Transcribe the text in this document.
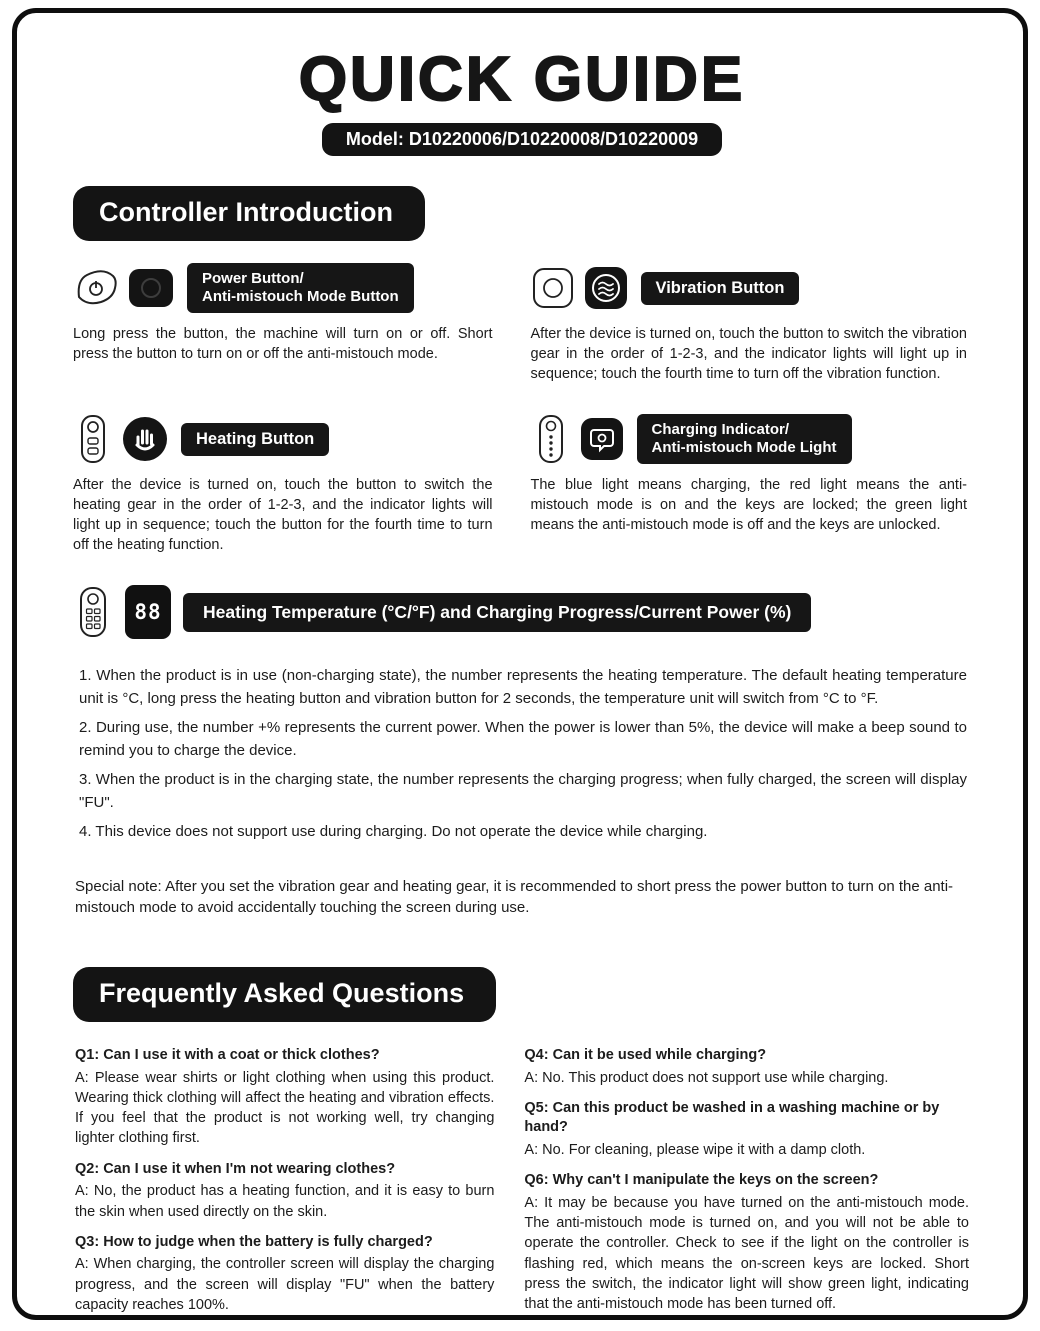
QUICK GUIDE
Model: D10220006/D10220008/D10220009
Controller Introduction
Power Button/
Anti-mistouch Mode Button

Long press the button, the machine will turn on or off. Short press the button to turn on or off the anti-mistouch mode.

Vibration Button

After the device is turned on, touch the button to switch the vibration gear in the order of 1-2-3, and the indicator lights will light up in sequence; touch the fourth time to turn off the vibration function.

Heating Button

After the device is turned on, touch the button to switch the heating gear in the order of 1-2-3, and the indicator lights will light up in sequence; touch the button for the fourth time to turn off the heating function.

Charging Indicator/
Anti-mistouch Mode Light

The blue light means charging, the red light means the anti-mistouch mode is on and the keys are locked; the green light means the anti-mistouch mode is off and the keys are unlocked.

88	Heating Temperature (°C/°F) and Charging Progress/Current Power (%)

1. When the product is in use (non-charging state), the number represents the heating temperature. The default heating temperature unit is °C, long press the heating button and vibration button for 2 seconds, the temperature unit will switch from °C to °F.

2. During use, the number +% represents the current power. When the power is lower than 5%, the device will make a beep sound to remind you to charge the device.

3. When the product is in the charging state, the number represents the charging progress; when fully charged, the screen will display "FU".

4. This device does not support use during charging. Do not operate the device while charging.

Special note: After you set the vibration gear and heating gear, it is recommended to short press the power button to turn on the anti-mistouch mode to avoid accidentally touching the screen during use.

Frequently Asked Questions

Q1: Can I use it with a coat or thick clothes?

A: Please wear shirts or light clothing when using this product. Wearing thick clothing will affect the heating and vibration effects. If you feel that the product is not working well, try changing lighter clothing first.

Q2: Can I use it when I'm not wearing clothes?

A: No, the product has a heating function, and it is easy to burn the skin when used directly on the skin.

Q3: How to judge when the battery is fully charged?

A: When charging, the controller screen will display the charging progress, and the screen will display "FU" when the battery capacity reaches 100%.

Q4: Can it be used while charging?

A: No. This product does not support use while charging.

Q5: Can this product be washed in a washing machine or by hand?

A: No. For cleaning, please wipe it with a damp cloth.

Q6: Why can't I manipulate the keys on the screen?

A: It may be because you have turned on the anti-mistouch mode. The anti-mistouch mode is turned on, and you will not be able to operate the controller. Check to see if the light on the controller is flashing red, which means the on-screen keys are locked. Short press the switch, the indicator light will show green light, indicating that the anti-mistouch mode has been turned off.
